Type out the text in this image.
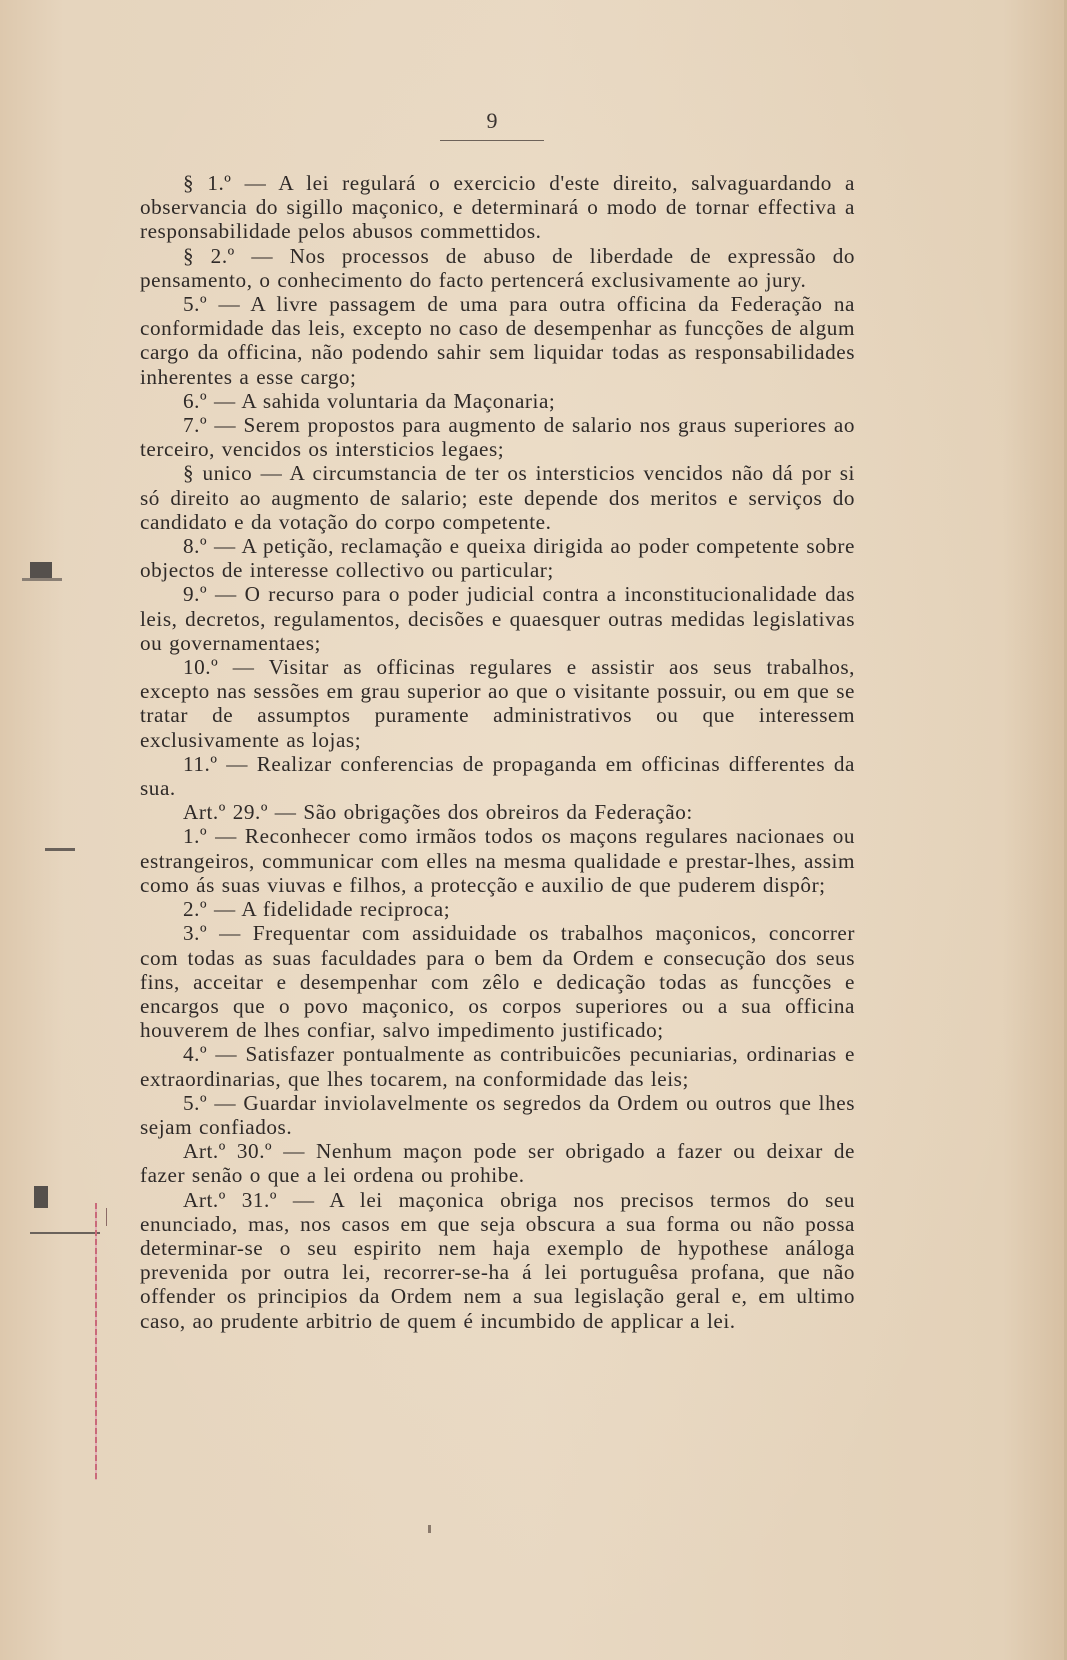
9

§ 1.º — A lei regulará o exercicio d'este direito, salvaguardando a observancia do sigillo maçonico, e determinará o modo de tornar effectiva a responsabilidade pelos abusos commettidos.

§ 2.º — Nos processos de abuso de liberdade de expressão do pensamento, o conhecimento do facto pertencerá exclusivamente ao jury.

5.º — A livre passagem de uma para outra officina da Federação na conformidade das leis, excepto no caso de desempenhar as funcções de algum cargo da officina, não podendo sahir sem liquidar todas as responsabilidades inherentes a esse cargo;

6.º — A sahida voluntaria da Maçonaria;

7.º — Serem propostos para augmento de salario nos graus superiores ao terceiro, vencidos os intersticios legaes;

§ unico — A circumstancia de ter os intersticios vencidos não dá por si só direito ao augmento de salario; este depende dos meritos e serviços do candidato e da votação do corpo competente.

8.º — A petição, reclamação e queixa dirigida ao poder competente sobre objectos de interesse collectivo ou particular;

9.º — O recurso para o poder judicial contra a inconstitucionalidade das leis, decretos, regulamentos, decisões e quaesquer outras medidas legislativas ou governamentaes;

10.º — Visitar as officinas regulares e assistir aos seus trabalhos, excepto nas sessões em grau superior ao que o visitante possuir, ou em que se tratar de assumptos puramente administrativos ou que interessem exclusivamente as lojas;

11.º — Realizar conferencias de propaganda em officinas differentes da sua.

Art.º 29.º — São obrigações dos obreiros da Federação:

1.º — Reconhecer como irmãos todos os maçons regulares nacionaes ou estrangeiros, communicar com elles na mesma qualidade e prestar-lhes, assim como ás suas viuvas e filhos, a protecção e auxilio de que puderem dispôr;

2.º — A fidelidade reciproca;

3.º — Frequentar com assiduidade os trabalhos maçonicos, concorrer com todas as suas faculdades para o bem da Ordem e consecução dos seus fins, acceitar e desempenhar com zêlo e dedicação todas as funcções e encargos que o povo maçonico, os corpos superiores ou a sua officina houverem de lhes confiar, salvo impedimento justificado;

4.º — Satisfazer pontualmente as contribuicões pecuniarias, ordinarias e extraordinarias, que lhes tocarem, na conformidade das leis;

5.º — Guardar inviolavelmente os segredos da Ordem ou outros que lhes sejam confiados.

Art.º 30.º — Nenhum maçon pode ser obrigado a fazer ou deixar de fazer senão o que a lei ordena ou prohibe.

Art.º 31.º — A lei maçonica obriga nos precisos termos do seu enunciado, mas, nos casos em que seja obscura a sua forma ou não possa determinar-se o seu espirito nem haja exemplo de hypothese análoga prevenida por outra lei, recorrer-se-ha á lei portuguêsa profana, que não offender os principios da Ordem nem a sua legislação geral e, em ultimo caso, ao prudente arbitrio de quem é incumbido de applicar a lei.
